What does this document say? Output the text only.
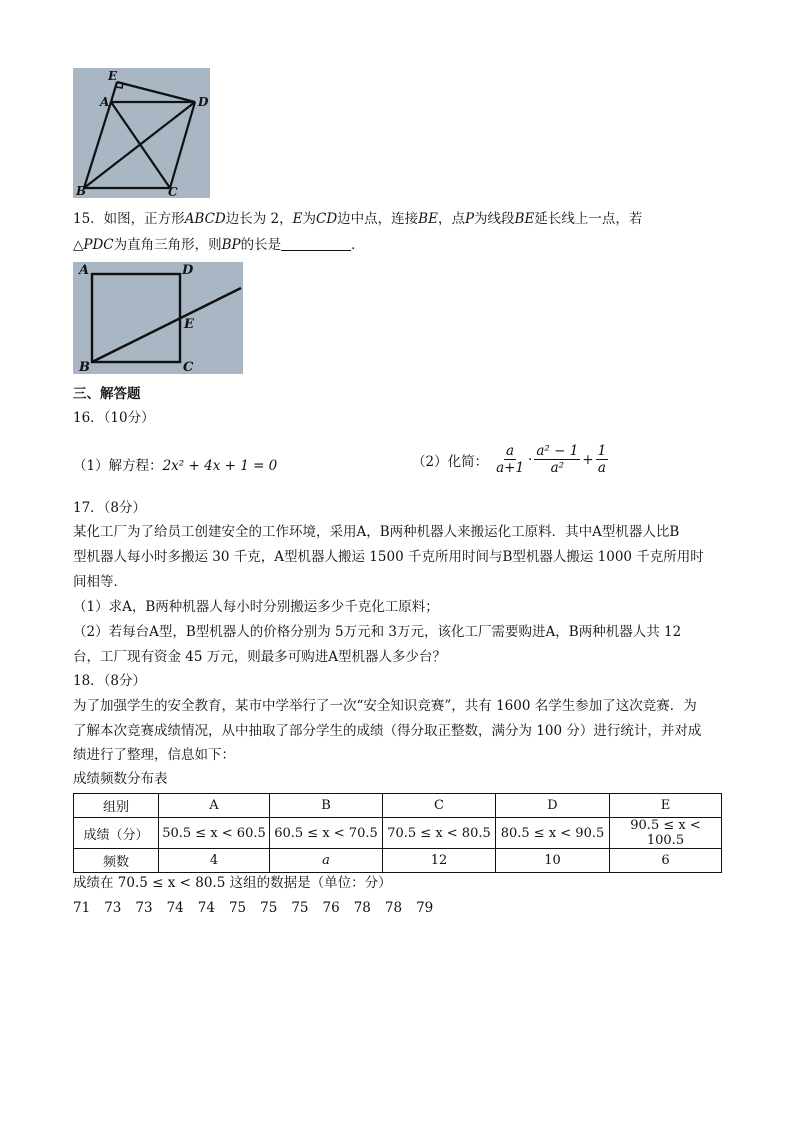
E
A	D
B	C
15．如图，正方形ABCD边长为 2，E为CD边中点，连接BE，点P为线段BE延长线上一点，若
△PDC为直角三角形，则BP的长是	．
A	D
E
B	C
三、解答题
16．（10分）
（1）解方程：2x² + 4x + 1 = 0	（2）化简： $\frac{a}{a+1} \cdot \frac{\text{a² − 1}}{\text{a²}} + \frac{1}{a}$
17．（8分）
某化工厂为了给员工创建安全的工作环境，采用A，B两种机器人来搬运化工原料．其中A型机器人比B
型机器人每小时多搬运 30 千克，A型机器人搬运 1500 千克所用时间与B型机器人搬运 1000 千克所用时
间相等．
（1）求A，B两种机器人每小时分别搬运多少千克化工原料；
（2）若每台A型，B型机器人的价格分别为 5万元和 3万元，该化工厂需要购进A，B两种机器人共 12
台，工厂现有资金 45 万元，则最多可购进A型机器人多少台？
18．（8分）
为了加强学生的安全教育，某市中学举行了一次“安全知识竞赛”，共有 1600 名学生参加了这次竞赛．为
了解本次竞赛成绩情况，从中抽取了部分学生的成绩（得分取正整数，满分为 100 分）进行统计，并对成
绩进行了整理，信息如下：
成绩频数分布表
组别	A	B	C	D	E
成绩（分）	50.5 ≤ x < 60.5	60.5 ≤ x < 70.5	70.5 ≤ x < 80.5	80.5 ≤ x < 90.5	90.5 ≤ x < 100.5
频数	4	a	12	10	6
成绩在 70.5 ≤ x < 80.5 这组的数据是（单位：分）
71 73 73 74 74 75 75 75 76 78 78 79
